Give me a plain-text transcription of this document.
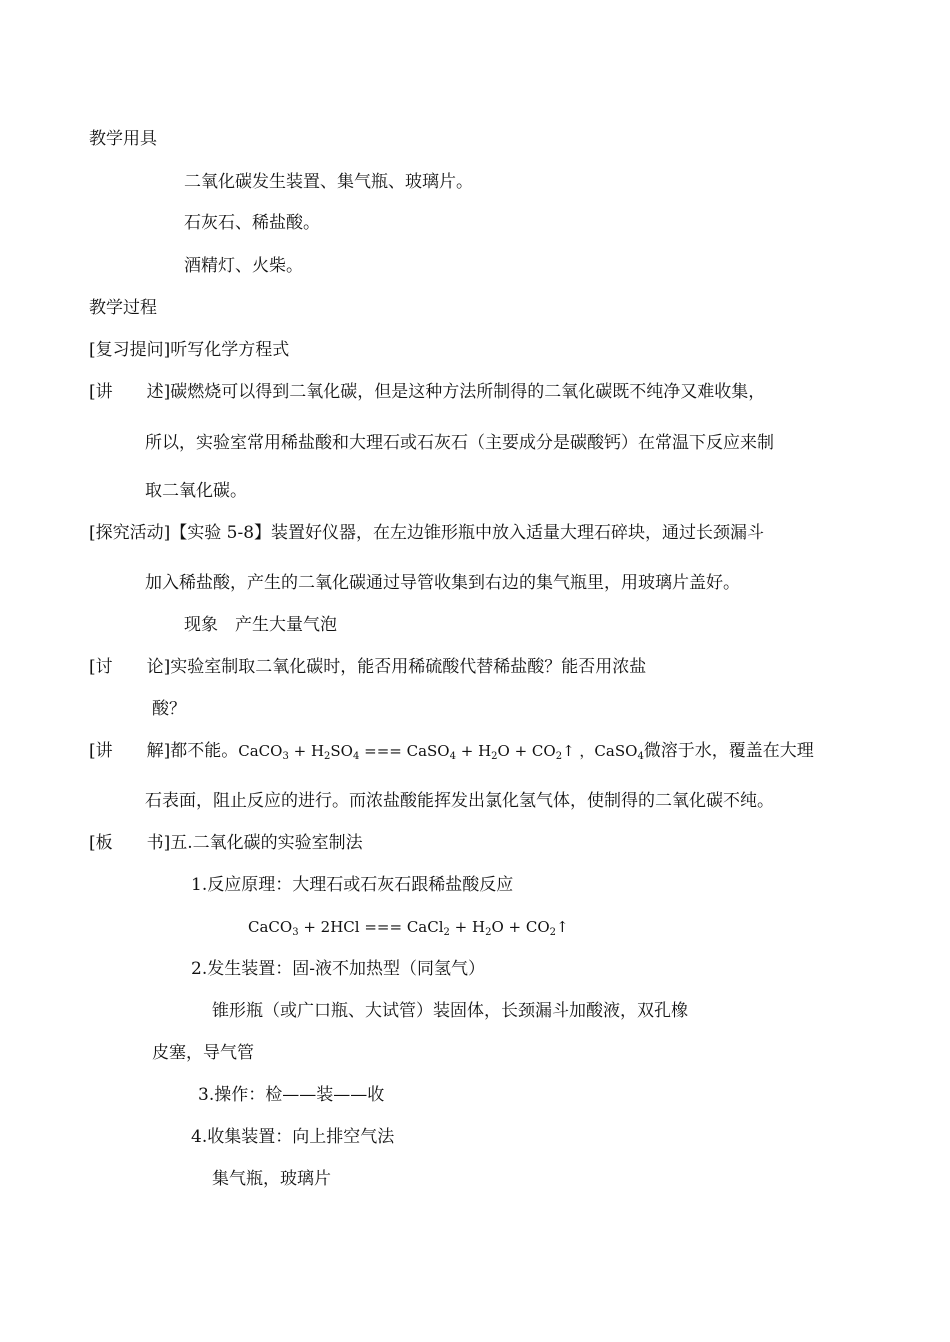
教学用具
二氧化碳发生装置、集气瓶、玻璃片。
石灰石、稀盐酸。
酒精灯、火柴。
教学过程
[复习提问]听写化学方程式
[讲　　述]碳燃烧可以得到二氧化碳，但是这种方法所制得的二氧化碳既不纯净又难收集，
所以，实验室常用稀盐酸和大理石或石灰石（主要成分是碳酸钙）在常温下反应来制
取二氧化碳。
[探究活动]【实验 5-8】装置好仪器，在左边锥形瓶中放入适量大理石碎块，通过长颈漏斗
加入稀盐酸，产生的二氧化碳通过导管收集到右边的集气瓶里，用玻璃片盖好。
现象　产生大量气泡
[讨　　论]实验室制取二氧化碳时，能否用稀硫酸代替稀盐酸？能否用浓盐
酸？
[讲　　解]都不能。CaCO$_3$ + $H_2SO_4$ === CaSO$_4$ + $H_2O$ + $CO_2↑$ ，CaSO$_4$微溶于水，覆盖在大理
石表面，阻止反应的进行。而浓盐酸能挥发出氯化氢气体，使制得的二氧化碳不纯。
[板　　书]五.二氧化碳的实验室制法
1.反应原理：大理石或石灰石跟稀盐酸反应
CaCO$_3$ + 2HCl === CaCl$_2$ + $H_2O$ + $CO_2↑$
2.发生装置：固-液不加热型（同氢气）
锥形瓶（或广口瓶、大试管）装固体，长颈漏斗加酸液，双孔橡
皮塞，导气管
3.操作：检——装——收
4.收集装置：向上排空气法
集气瓶，玻璃片
